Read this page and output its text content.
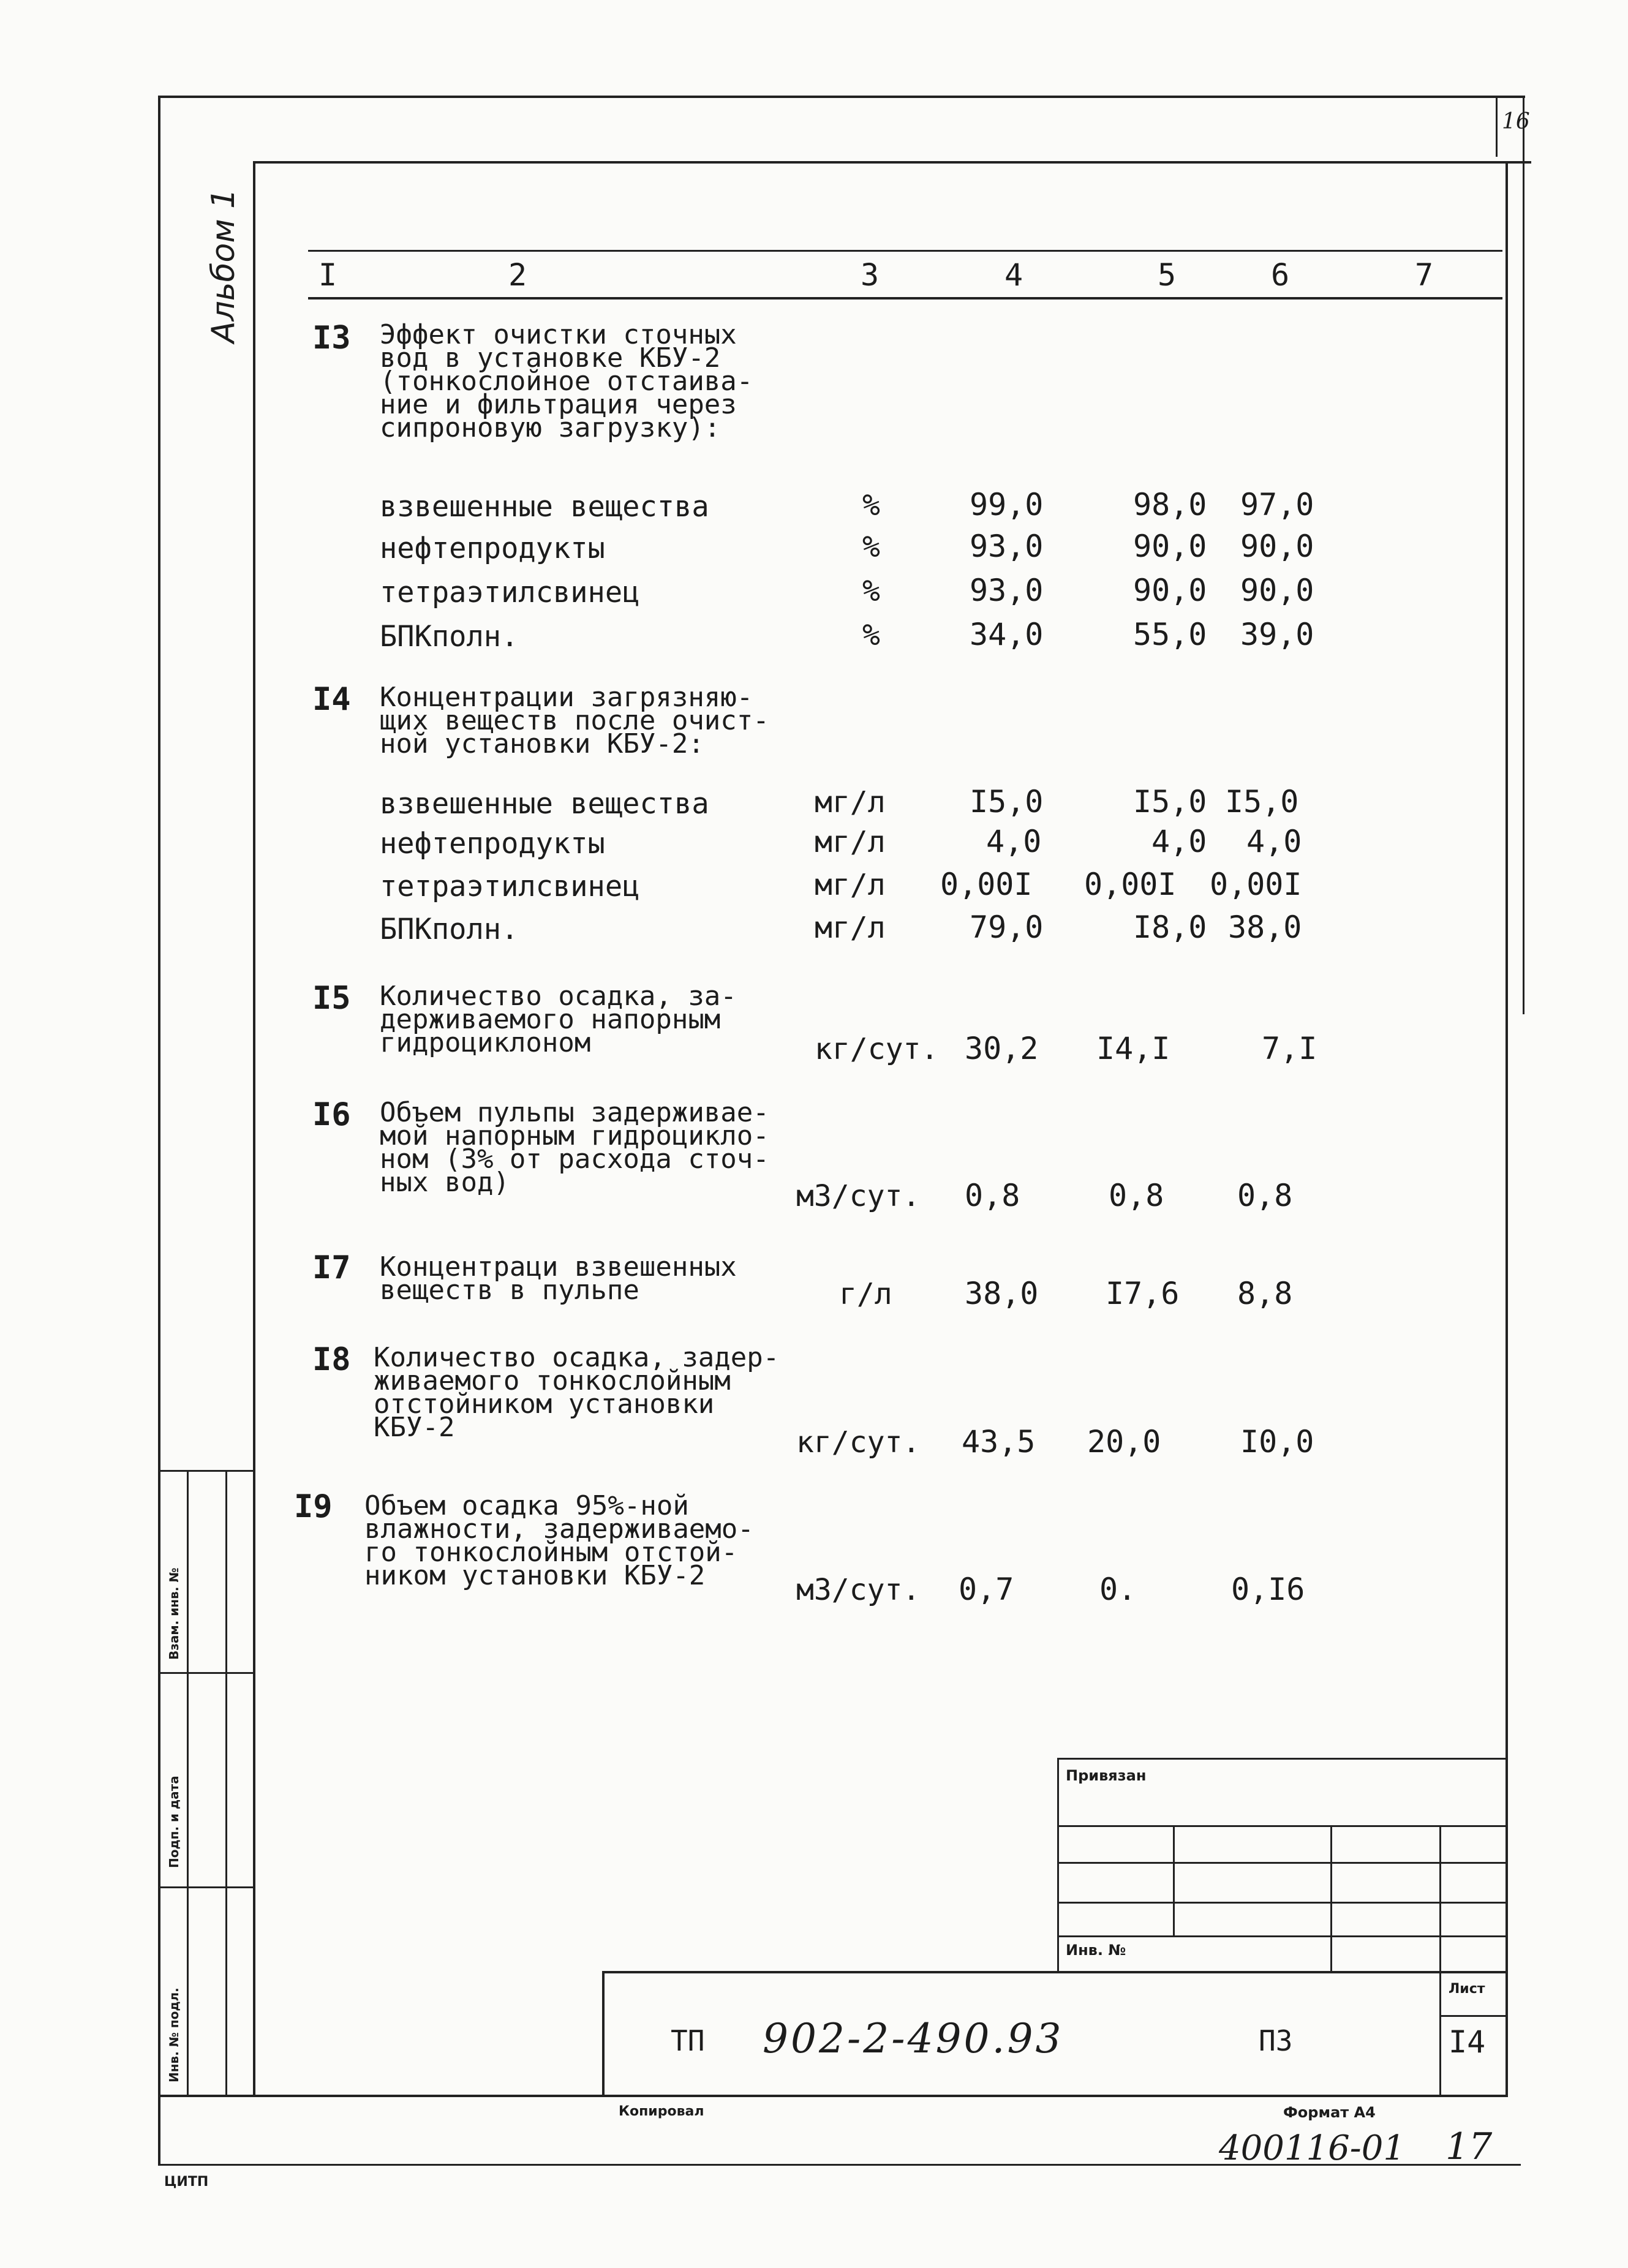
16
Альбом 1
Взам. инв. №
Подп. и дата
Инв. № подл.
I	2	3	4	5	6	7
I3 Эффект очистки сточных
вод в установке КБУ-2
(тонкослойное отстаива-
ние и фильтрация через
сипроновую загрузку):
взвешенные вещества	%	99,0	98,0 97,0
нефтепродукты	%	93,0	90,0 90,0
тетраэтилсвинец	%	93,0	90,0 90,0
БПКполн.	%	34,0	55,0 39,0
I4 Концентрации загрязняю-
щих веществ после очист-
ной установки КБУ-2:
взвешенные вещества	мг/л	I5,0	I5,0 I5,0
нефтепродукты	мг/л	4,0	4,0 4,0
тетраэтилсвинец	мг/л 0,00I 0,00I 0,00I
БПКполн.	мг/л	79,0	I8,0 38,0
I5 Количество осадка, за-
держиваемого напорным
гидроциклоном	кг/сут. 30,2 I4,I	7,I
I6 Объем пульпы задерживае-
мой напорным гидроцикло-
ном (3% от расхода сточ-
ных вод)	м3/сут. 0,8	0,8 0,8
I7 Концентраци взвешенных
веществ в пульпе	г/л 38,0 I7,6 8,8
I8 Количество осадка, задер-
живаемого тонкослойным
отстойником установки
КБУ-2	кг/сут. 43,5 20,0	I0,0
I9 Объем осадка 95%-ной
влажности, задерживаемо-
го тонкослойным отстой-
ником установки КБУ-2	м3/сут. 0,7	0.	0,I6
Привязан
Инв. №
Лист
I4
ТП 902-2-490.93	ПЗ
Копировал	Формат А4
400116-01 17
ЦИТП
